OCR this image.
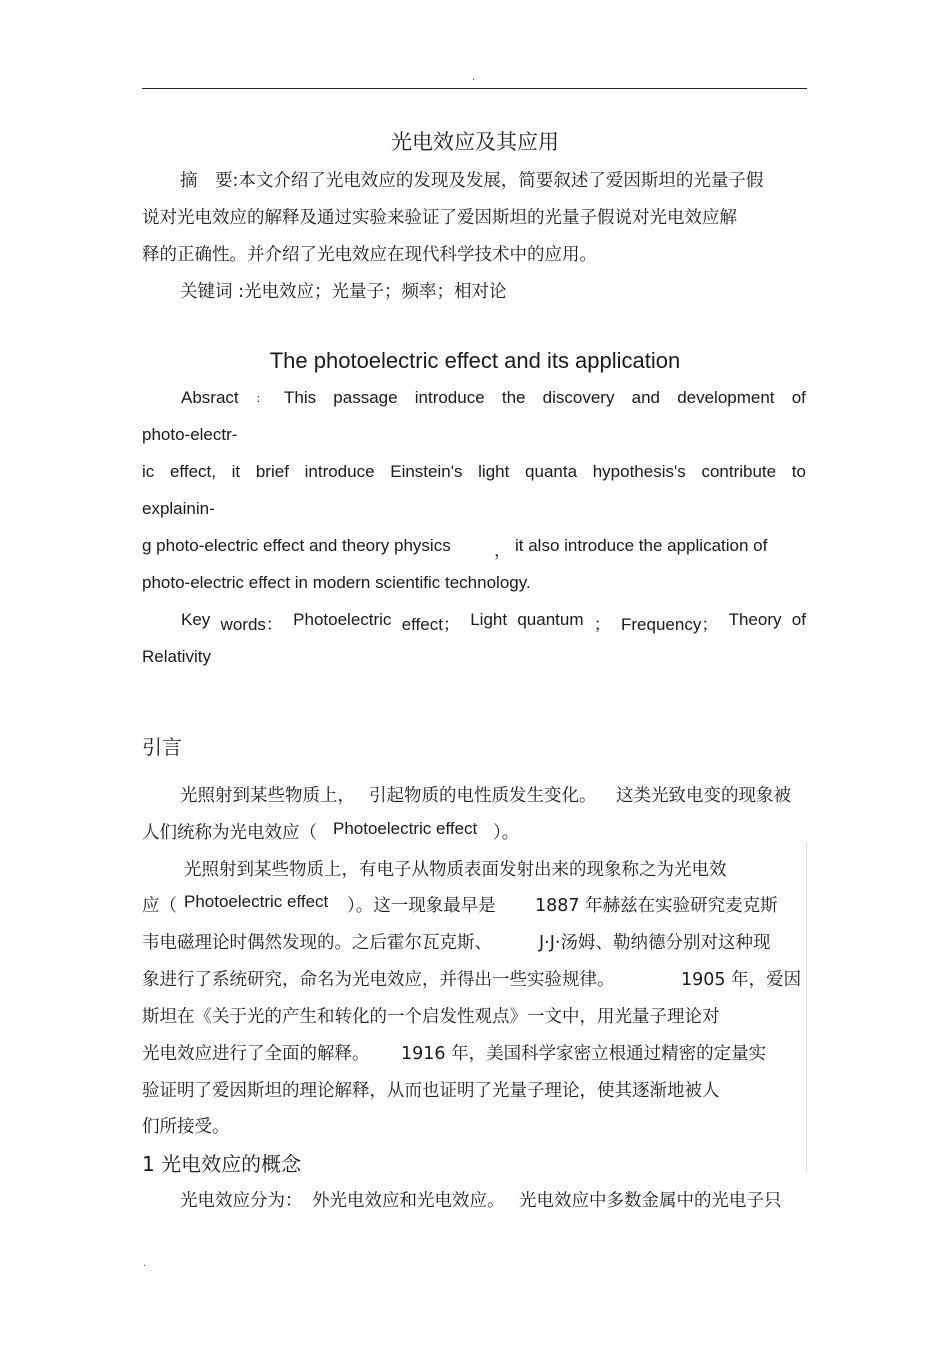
.
光电效应及其应用
摘　要:本文介绍了光电效应的发现及发展，简要叙述了爱因斯坦的光量子假
说对光电效应的解释及通过实验来验证了爱因斯坦的光量子假说对光电效应解
释的正确性。并介绍了光电效应在现代科学技术中的应用。
关键词 :光电效应；光量子；频率；相对论
The photoelectric effect and its application
Absract ： This passage introduce the discovery and development of
photo-electr-
ic effect, it brief introduce Einstein's light quanta hypothesis's contribute to
explainin-
g photo-electric effect and theory physics	， it also introduce the application of
photo-electric effect in modern scientific technology.
Key words： Photoelectric effect； Light quantum ； Frequency； Theory of
Relativity
引言
光照射到某些物质上， 引起物质的电性质发生变化。 这类光致电变的现象被
人们统称为光电效应（ Photoelectric effect ）。
光照射到某些物质上，有电子从物质表面发射出来的现象称之为光电效
应（ Photoelectric effect ）。这一现象最早是 1887 年赫兹在实验研究麦克斯
韦电磁理论时偶然发现的。之后霍尔瓦克斯、	J·J·汤姆、勒纳德分别对这种现
象进行了系统研究，命名为光电效应，并得出一些实验规律。	1905 年，爱因
斯坦在《关于光的产生和转化的一个启发性观点》一文中，用光量子理论对
光电效应进行了全面的解释。 1916 年，美国科学家密立根通过精密的定量实
验证明了爱因斯坦的理论解释，从而也证明了光量子理论，使其逐渐地被人
们所接受。
1 光电效应的概念
光电效应分为： 外光电效应和光电效应。 光电效应中多数金属中的光电子只
.
